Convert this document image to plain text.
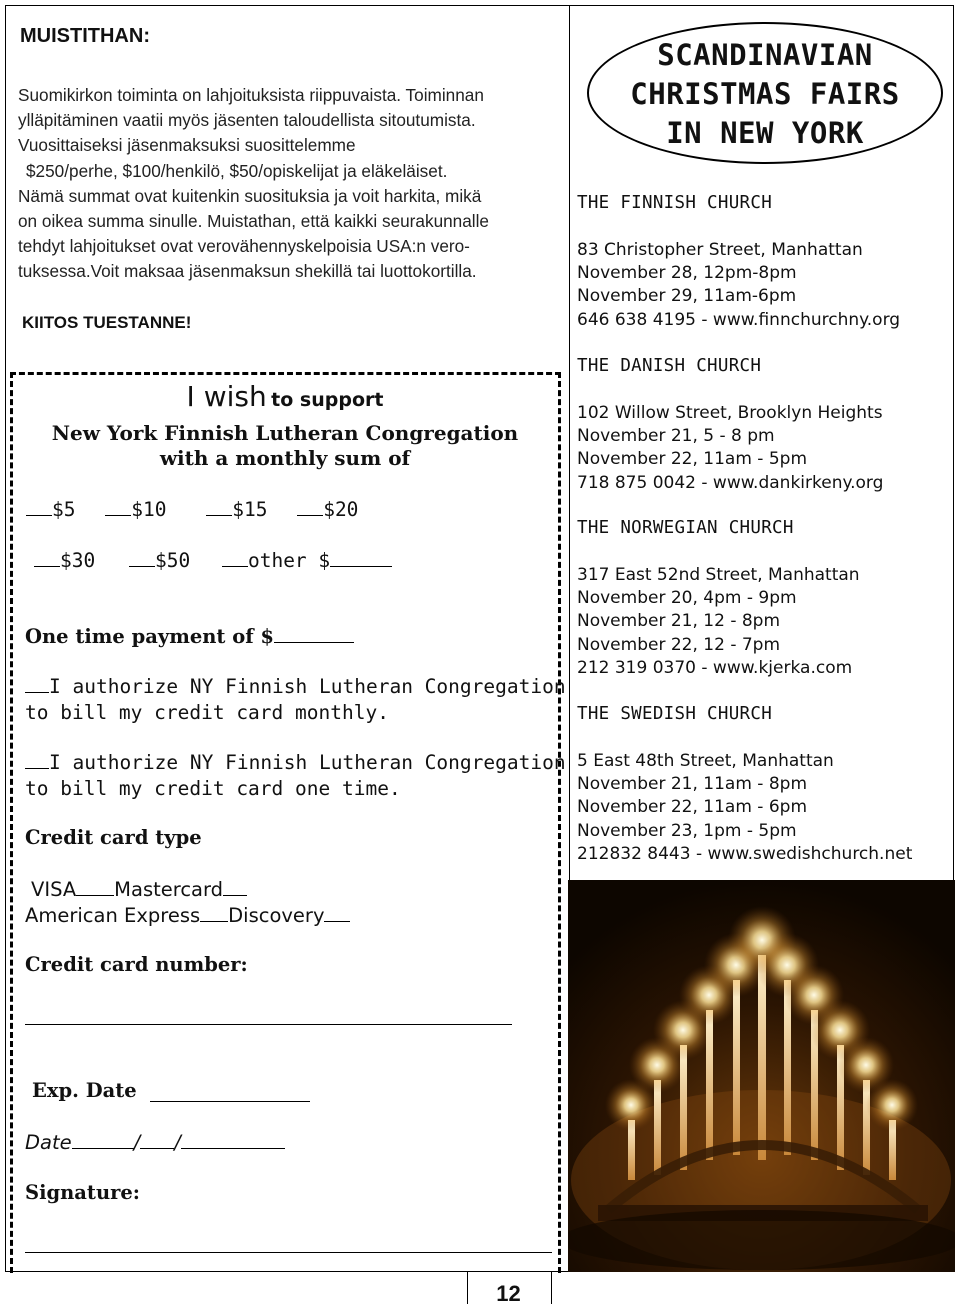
12
MUISTITHAN:
Suomikirkon toiminta on lahjoituksista riippuvaista. Toiminnan
ylläpitäminen vaatii myös jäsenten taloudellista sitoutumista.
Vuosittaiseksi jäsenmaksuksi suosittelemme
$250/perhe, $100/henkilö, $50/opiskelijat ja eläkeläiset.
Nämä summat ovat kuitenkin suosituksia ja voit harkita, mikä
on oikea summa sinulle. Muistathan, että kaikki seurakunnalle
tehdyt lahjoitukset ovat verovähennyskelpoisia USA:n vero-
tuksessa.Voit maksaa jäsenmaksun shekillä tai luottokortilla.
KIITOS TUESTANNE!
I wish to support
New York Finnish Lutheran Congregation
with a monthly sum of
$5	$10	$15	$20
$30	$50	other $
One time payment of $
I authorize NY Finnish Lutheran Congregation
to bill my credit card monthly.
I authorize NY Finnish Lutheran Congregation
to bill my credit card one time.
Credit card type
VISA Mastercard
American Express Discovery
Credit card number:
Exp. Date
Date	/ /
Signature:
SCANDINAVIAN
CHRISTMAS FAIRS
IN NEW YORK
THE FINNISH CHURCH
83 Christopher Street, Manhattan
November 28, 12pm-8pm
November 29, 11am-6pm
646 638 4195 - www.finnchurchny.org
THE DANISH CHURCH
102 Willow Street, Brooklyn Heights
November 21, 5 - 8 pm
November 22, 11am - 5pm
718 875 0042 - www.dankirkeny.org
THE NORWEGIAN CHURCH
317 East 52nd Street, Manhattan
November 20, 4pm - 9pm
November 21, 12 - 8pm
November 22, 12 - 7pm
212 319 0370 - www.kjerka.com
THE SWEDISH CHURCH
5 East 48th Street, Manhattan
November 21, 11am - 8pm
November 22, 11am - 6pm
November 23, 1pm - 5pm
212832 8443 - www.swedishchurch.net
